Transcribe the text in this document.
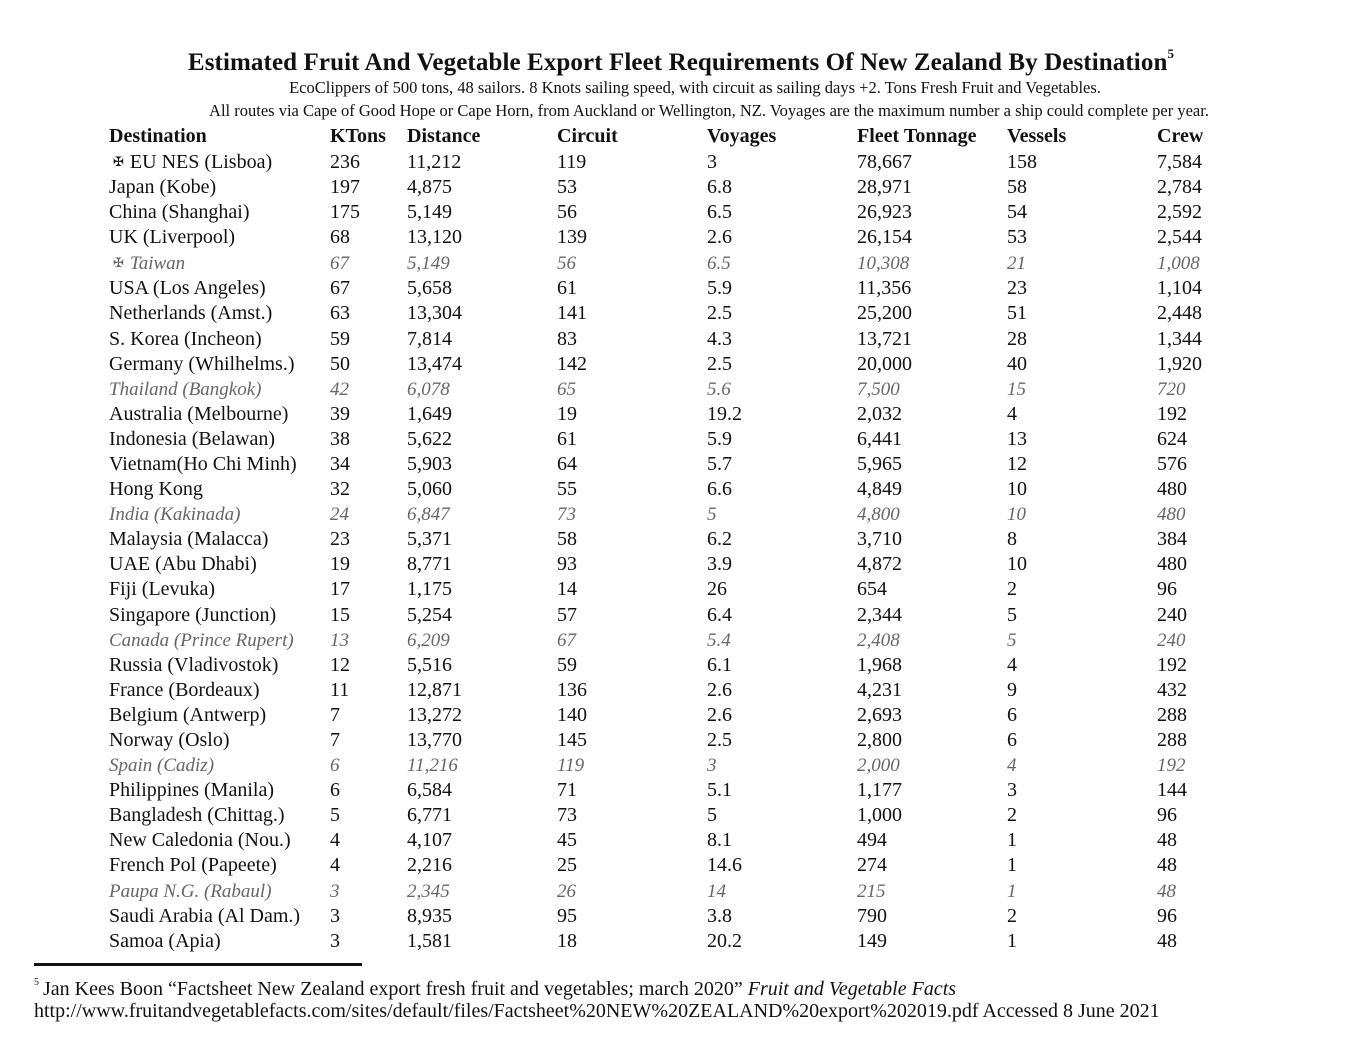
Estimated Fruit And Vegetable Export Fleet Requirements Of New Zealand By Destination$^5$
EcoClippers of 500 tons, 48 sailors. 8 Knots sailing speed, with circuit as sailing days +2. Tons Fresh Fruit and Vegetables.
All routes via Cape of Good Hope or Cape Horn, from Auckland or Wellington, NZ. Voyages are the maximum number a ship could complete per year.
Destination	KTons	Distance	Circuit	Voyages	Fleet Tonnage	Vessels	Crew
✠ EU NES (Lisboa)	236	11,212	119	3	78,667	158	7,584
Japan (Kobe)	197	4,875	53	6.8	28,971	58	2,784
China (Shanghai)	175	5,149	56	6.5	26,923	54	2,592
UK (Liverpool)	68	13,120	139	2.6	26,154	53	2,544
✠ Taiwan	67	5,149	56	6.5	10,308	21	1,008
USA (Los Angeles)	67	5,658	61	5.9	11,356	23	1,104
Netherlands (Amst.)	63	13,304	141	2.5	25,200	51	2,448
S. Korea (Incheon)	59	7,814	83	4.3	13,721	28	1,344
Germany (Whilhelms.)	50	13,474	142	2.5	20,000	40	1,920
Thailand (Bangkok)	42	6,078	65	5.6	7,500	15	720
Australia (Melbourne)	39	1,649	19	19.2	2,032	4	192
Indonesia (Belawan)	38	5,622	61	5.9	6,441	13	624
Vietnam(Ho Chi Minh)	34	5,903	64	5.7	5,965	12	576
Hong Kong	32	5,060	55	6.6	4,849	10	480
India (Kakinada)	24	6,847	73	5	4,800	10	480
Malaysia (Malacca)	23	5,371	58	6.2	3,710	8	384
UAE (Abu Dhabi)	19	8,771	93	3.9	4,872	10	480
Fiji (Levuka)	17	1,175	14	26	654	2	96
Singapore (Junction)	15	5,254	57	6.4	2,344	5	240
Canada (Prince Rupert)	13	6,209	67	5.4	2,408	5	240
Russia (Vladivostok)	12	5,516	59	6.1	1,968	4	192
France (Bordeaux)	11	12,871	136	2.6	4,231	9	432
Belgium (Antwerp)	7	13,272	140	2.6	2,693	6	288
Norway (Oslo)	7	13,770	145	2.5	2,800	6	288
Spain (Cadiz)	6	11,216	119	3	2,000	4	192
Philippines (Manila)	6	6,584	71	5.1	1,177	3	144
Bangladesh (Chittag.)	5	6,771	73	5	1,000	2	96
New Caledonia (Nou.)	4	4,107	45	8.1	494	1	48
French Pol (Papeete)	4	2,216	25	14.6	274	1	48
Paupa N.G. (Rabaul)	3	2,345	26	14	215	1	48
Saudi Arabia (Al Dam.)	3	8,935	95	3.8	790	2	96
Samoa (Apia)	3	1,581	18	20.2	149	1	48
$^5$ Jan Kees Boon “Factsheet New Zealand export fresh fruit and vegetables; march 2020” Fruit and Vegetable Facts
http://www.fruitandvegetablefacts.com/sites/default/files/Factsheet%20NEW%20ZEALAND%20export%202019.pdf Accessed 8 June 2021
